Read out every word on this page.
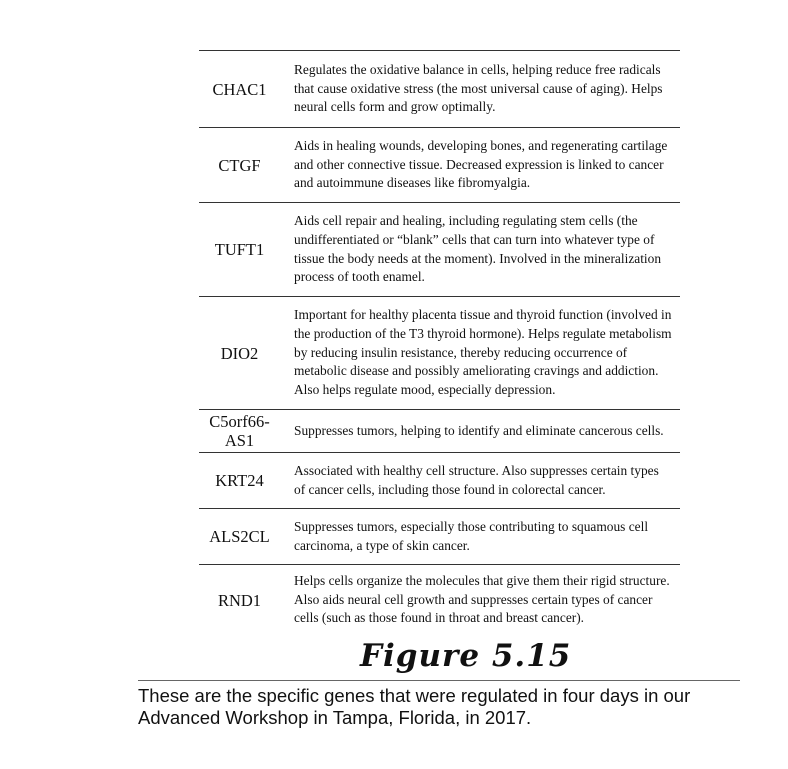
CHAC1
Regulates the oxidative balance in cells, helping reduce free radicals that cause oxidative stress (the most universal cause of aging). Helps neural cells form and grow optimally.
CTGF
Aids in healing wounds, developing bones, and regenerating cartilage and other connective tissue. Decreased expression is linked to cancer and autoimmune diseases like fibromyalgia.
TUFT1
Aids cell repair and healing, including regulating stem cells (the undifferentiated or “blank” cells that can turn into whatever type of tissue the body needs at the moment). Involved in the mineralization process of tooth enamel.
DIO2
Important for healthy placenta tissue and thyroid function (involved in the production of the T3 thyroid hormone). Helps regulate metabolism by reducing insulin resistance, thereby reducing occurrence of metabolic disease and possibly ameliorating cravings and addiction. Also helps regulate mood, especially depression.
C5orf66-AS1
Suppresses tumors, helping to identify and eliminate cancerous cells.
KRT24
Associated with healthy cell structure. Also suppresses certain types of cancer cells, including those found in colorectal cancer.
ALS2CL
Suppresses tumors, especially those contributing to squamous cell carcinoma, a type of skin cancer.
RND1
Helps cells organize the molecules that give them their rigid structure. Also aids neural cell growth and suppresses certain types of cancer cells (such as those found in throat and breast cancer).
Figure 5.15
These are the specific genes that were regulated in four days in our Advanced Workshop in Tampa, Florida, in 2017.
